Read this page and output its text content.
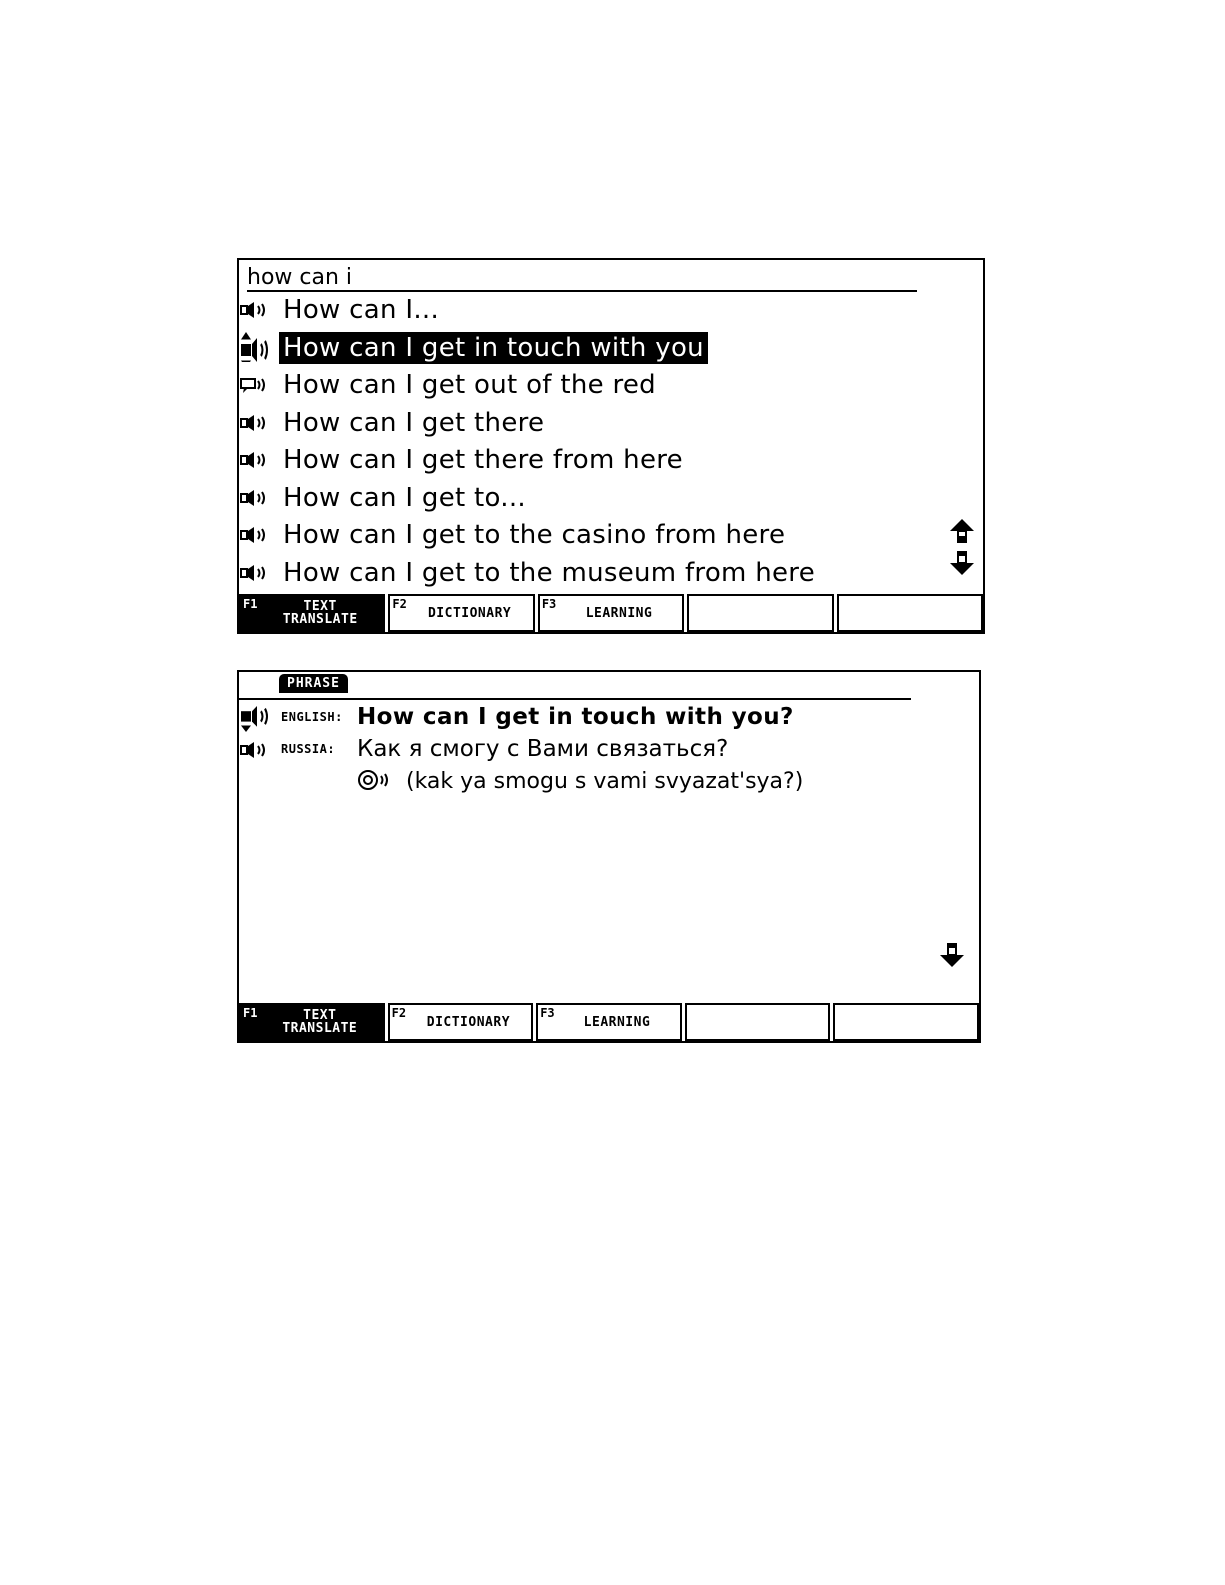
how can i
How can I...
How can I get in touch with you
How can I get out of the red
How can I get there
How can I get there from here
How can I get to...
How can I get to the casino from here
How can I get to the museum from here
F1	TEXT
TRANSLATE
F2
DICTIONARY
F3
LEARNING
PHRASE
ENGLISH: How can I get in touch with you?
RUSSIA: Как я смогу с Вами связаться?
(kak ya smogu s vami svyazat'sya?)
F1	TEXT
TRANSLATE
F2
DICTIONARY
F3
LEARNING
